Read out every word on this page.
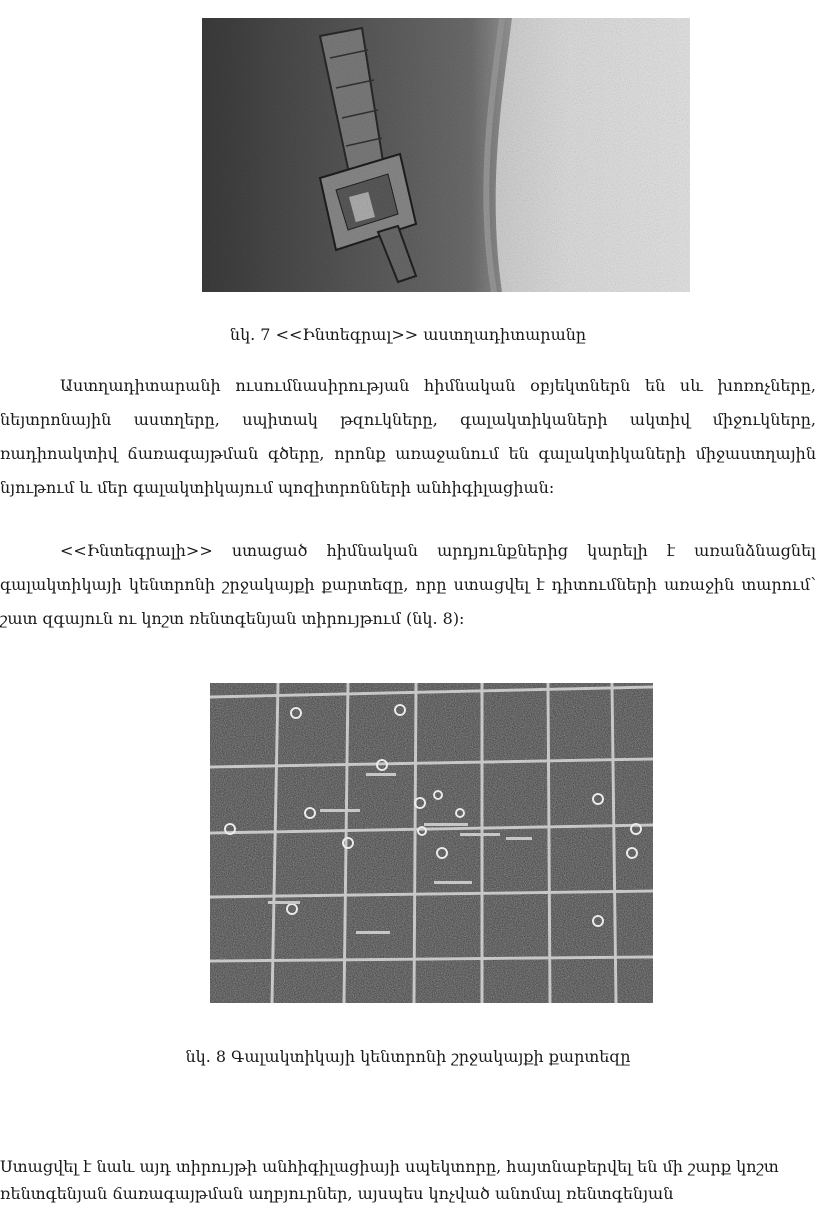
նկ. 7 <<Ինտեգրալ>> աստղադիտարանը
Աստղադիտարանի ուսումնասիրության հիմնական օբյեկտներն են սև խոռոչները,
նեյտրոնային աստղերը, սպիտակ թզուկները, գալակտիկաների ակտիվ միջուկները,
ռադիոակտիվ ճառագայթման գծերը, որոնք առաջանում են գալակտիկաների միջաստղային
նյութում և մեր գալակտիկայում պոզիտրոնների անհիգիլացիան:
<<Ինտեգրալի>> ստացած հիմնական արդյունքներից կարելի է առանձնացնել
գալակտիկայի կենտրոնի շրջակայքի քարտեզը, որը ստացվել է դիտումների առաջին տարում՝
շատ զգայուն ու կոշտ ռենտգենյան տիրույթում (նկ. 8):
նկ. 8 Գալակտիկայի կենտրոնի շրջակայքի քարտեզը
Ստացվել է նաև այդ տիրույթի անհիգիլացիայի սպեկտորը, հայտնաբերվել են մի շարք կոշտ
ռենտգենյան ճառագայթման աղբյուրներ, այսպես կոչված անոմալ ռենտգենյան
